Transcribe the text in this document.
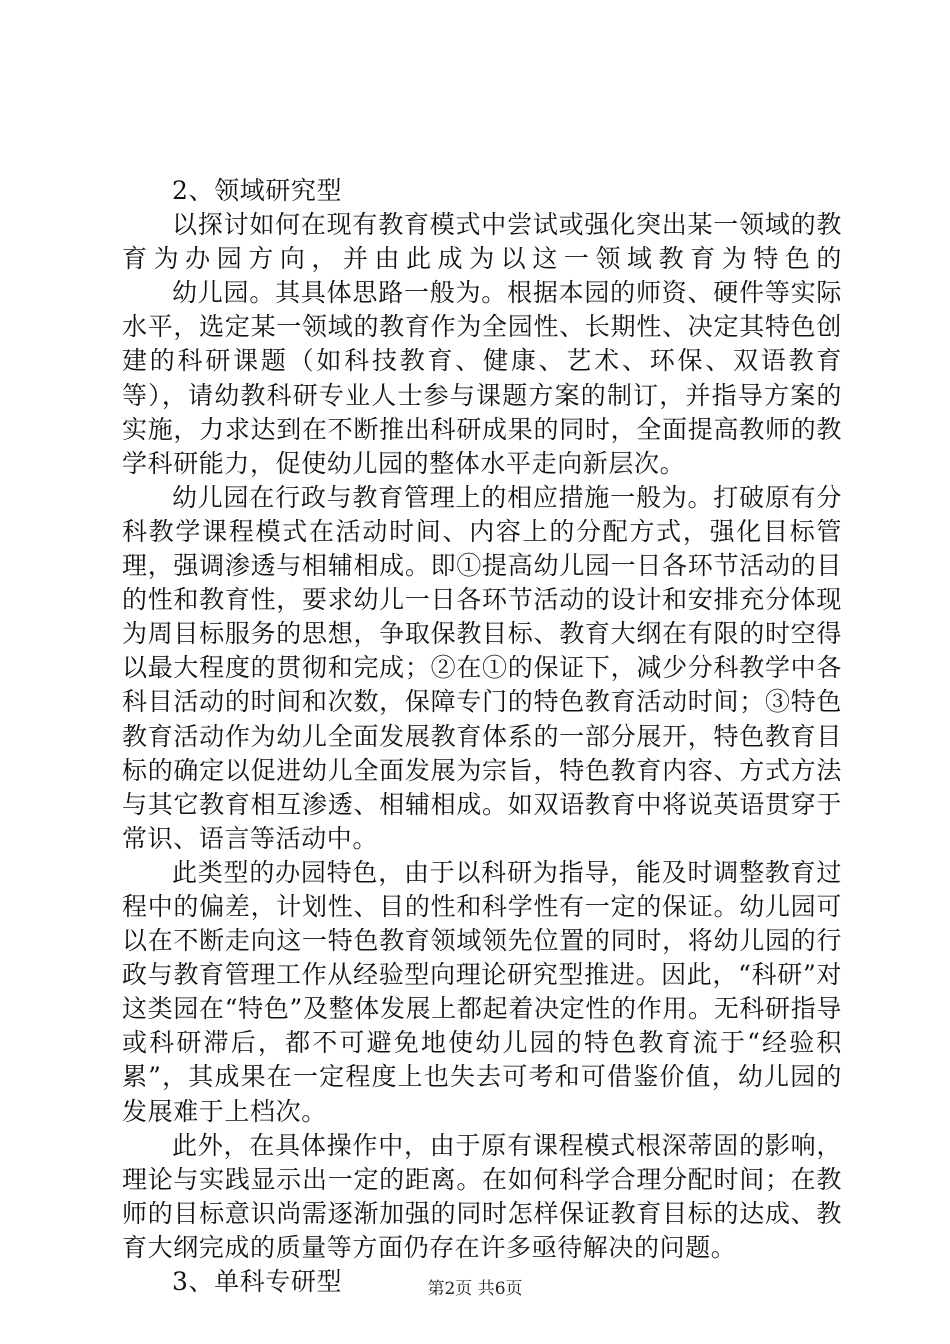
2、领域研究型

以探讨如何在现有教育模式中尝试或强化突出某一领域的教育为办园方向，并由此成为以这一领域教育为特色的

幼儿园。其具体思路一般为。根据本园的师资、硬件等实际水平，选定某一领域的教育作为全园性、长期性、决定其特色创建的科研课题（如科技教育、健康、艺术、环保、双语教育等），请幼教科研专业人士参与课题方案的制订，并指导方案的实施，力求达到在不断推出科研成果的同时，全面提高教师的教学科研能力，促使幼儿园的整体水平走向新层次。

幼儿园在行政与教育管理上的相应措施一般为。打破原有分科教学课程模式在活动时间、内容上的分配方式，强化目标管理，强调渗透与相辅相成。即①提高幼儿园一日各环节活动的目的性和教育性，要求幼儿一日各环节活动的设计和安排充分体现为周目标服务的思想，争取保教目标、教育大纲在有限的时空得以最大程度的贯彻和完成；②在①的保证下，减少分科教学中各科目活动的时间和次数，保障专门的特色教育活动时间；③特色教育活动作为幼儿全面发展教育体系的一部分展开，特色教育目标的确定以促进幼儿全面发展为宗旨，特色教育内容、方式方法与其它教育相互渗透、相辅相成。如双语教育中将说英语贯穿于常识、语言等活动中。

此类型的办园特色，由于以科研为指导，能及时调整教育过程中的偏差，计划性、目的性和科学性有一定的保证。幼儿园可以在不断走向这一特色教育领域领先位置的同时，将幼儿园的行政与教育管理工作从经验型向理论研究型推进。因此，“科研”对这类园在“特色”及整体发展上都起着决定性的作用。无科研指导或科研滞后，都不可避免地使幼儿园的特色教育流于“经验积累”，其成果在一定程度上也失去可考和可借鉴价值，幼儿园的发展难于上档次。

此外，在具体操作中，由于原有课程模式根深蒂固的影响，理论与实践显示出一定的距离。在如何科学合理分配时间；在教师的目标意识尚需逐渐加强的同时怎样保证教育目标的达成、教育大纲完成的质量等方面仍存在许多亟待解决的问题。

3、单科专研型	第2页 共6页
